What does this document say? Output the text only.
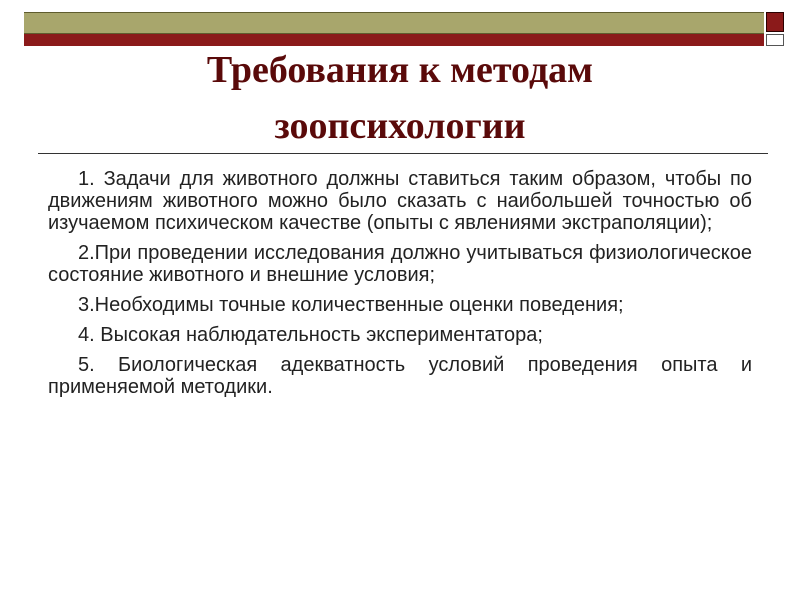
Требования к методам
зоопсихологии

1. Задачи для животного должны ставиться таким образом, чтобы по движениям животного можно было сказать с наибольшей точностью об изучаемом психическом качестве (опыты с явлениями экстраполяции);

2.При проведении исследования должно учитываться физиологическое состояние животного и внешние условия;

3.Необходимы точные количественные оценки поведения;

4. Высокая наблюдательность экспериментатора;

5. Биологическая адекватность условий проведения опыта и применяемой методики.
